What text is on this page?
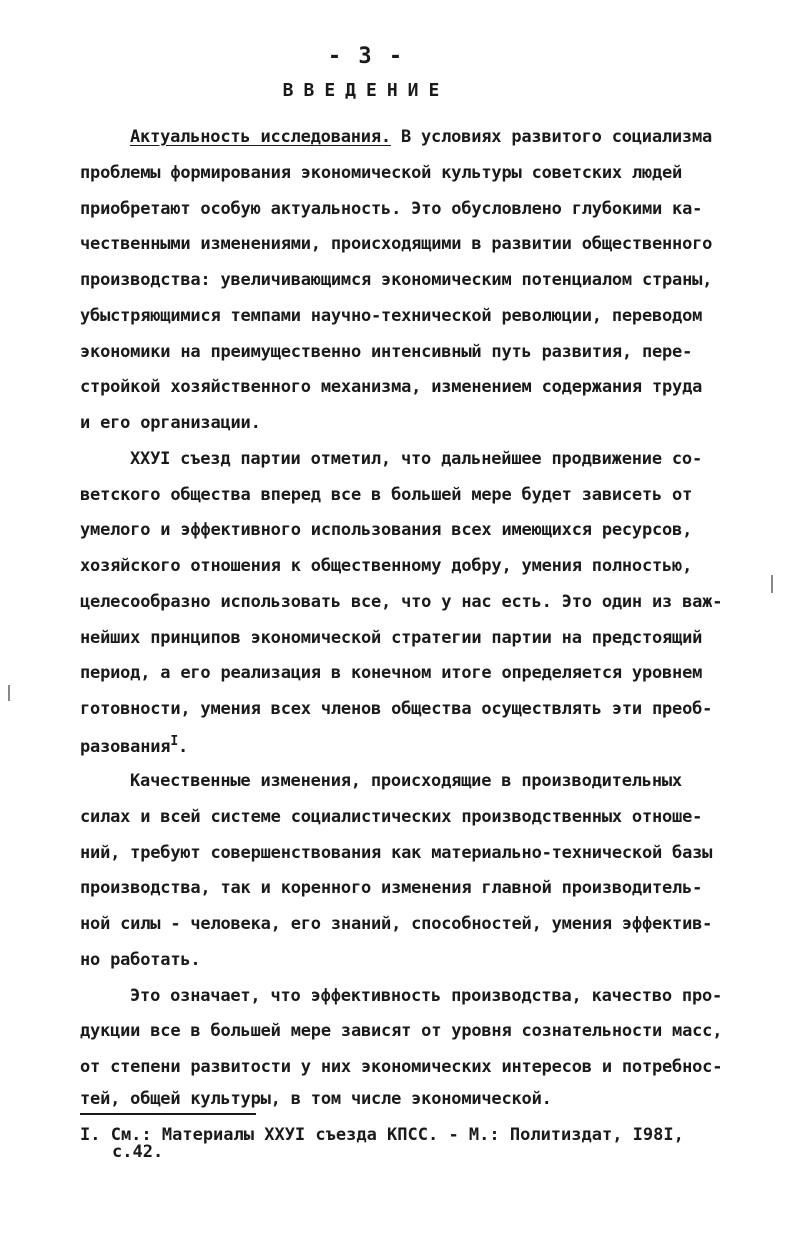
- 3 -
ВВЕДЕНИЕ
Актуальность исследования. В условиях развитого социализма
проблемы формирования экономической культуры советских людей
приобретают особую актуальность. Это обусловлено глубокими ка-
чественными изменениями, происходящими в развитии общественного
производства: увеличивающимся экономическим потенциалом страны,
убыстряющимися темпами научно-технической революции, переводом
экономики на преимущественно интенсивный путь развития, пере-
стройкой хозяйственного механизма, изменением содержания труда
и его организации.
ХХУI съезд партии отметил, что дальнейшее продвижение со-
ветского общества вперед все в большей мере будет зависеть от
умелого и эффективного использования всех имеющихся ресурсов,
хозяйского отношения к общественному добру, умения полностью,
целесообразно использовать все, что у нас есть. Это один из важ-
нейших принципов экономической стратегии партии на предстоящий
период, а его реализация в конечном итоге определяется уровнем
готовности, умения всех членов общества осуществлять эти преоб-
разования$^I$.
Качественные изменения, происходящие в производительных
силах и всей системе социалистических производственных отноше-
ний, требуют совершенствования как материально-технической базы
производства, так и коренного изменения главной производитель-
ной силы - человека, его знаний, способностей, умения эффектив-
но работать.
Это означает, что эффективность производства, качество про-
дукции все в большей мере зависят от уровня сознательности масс,
от степени развитости у них экономических интересов и потребнос-
тей, общей культуры, в том числе экономической.
I. См.: Материалы ХХУI съезда КПСС. - М.: Политиздат, I98I,
с.42.
